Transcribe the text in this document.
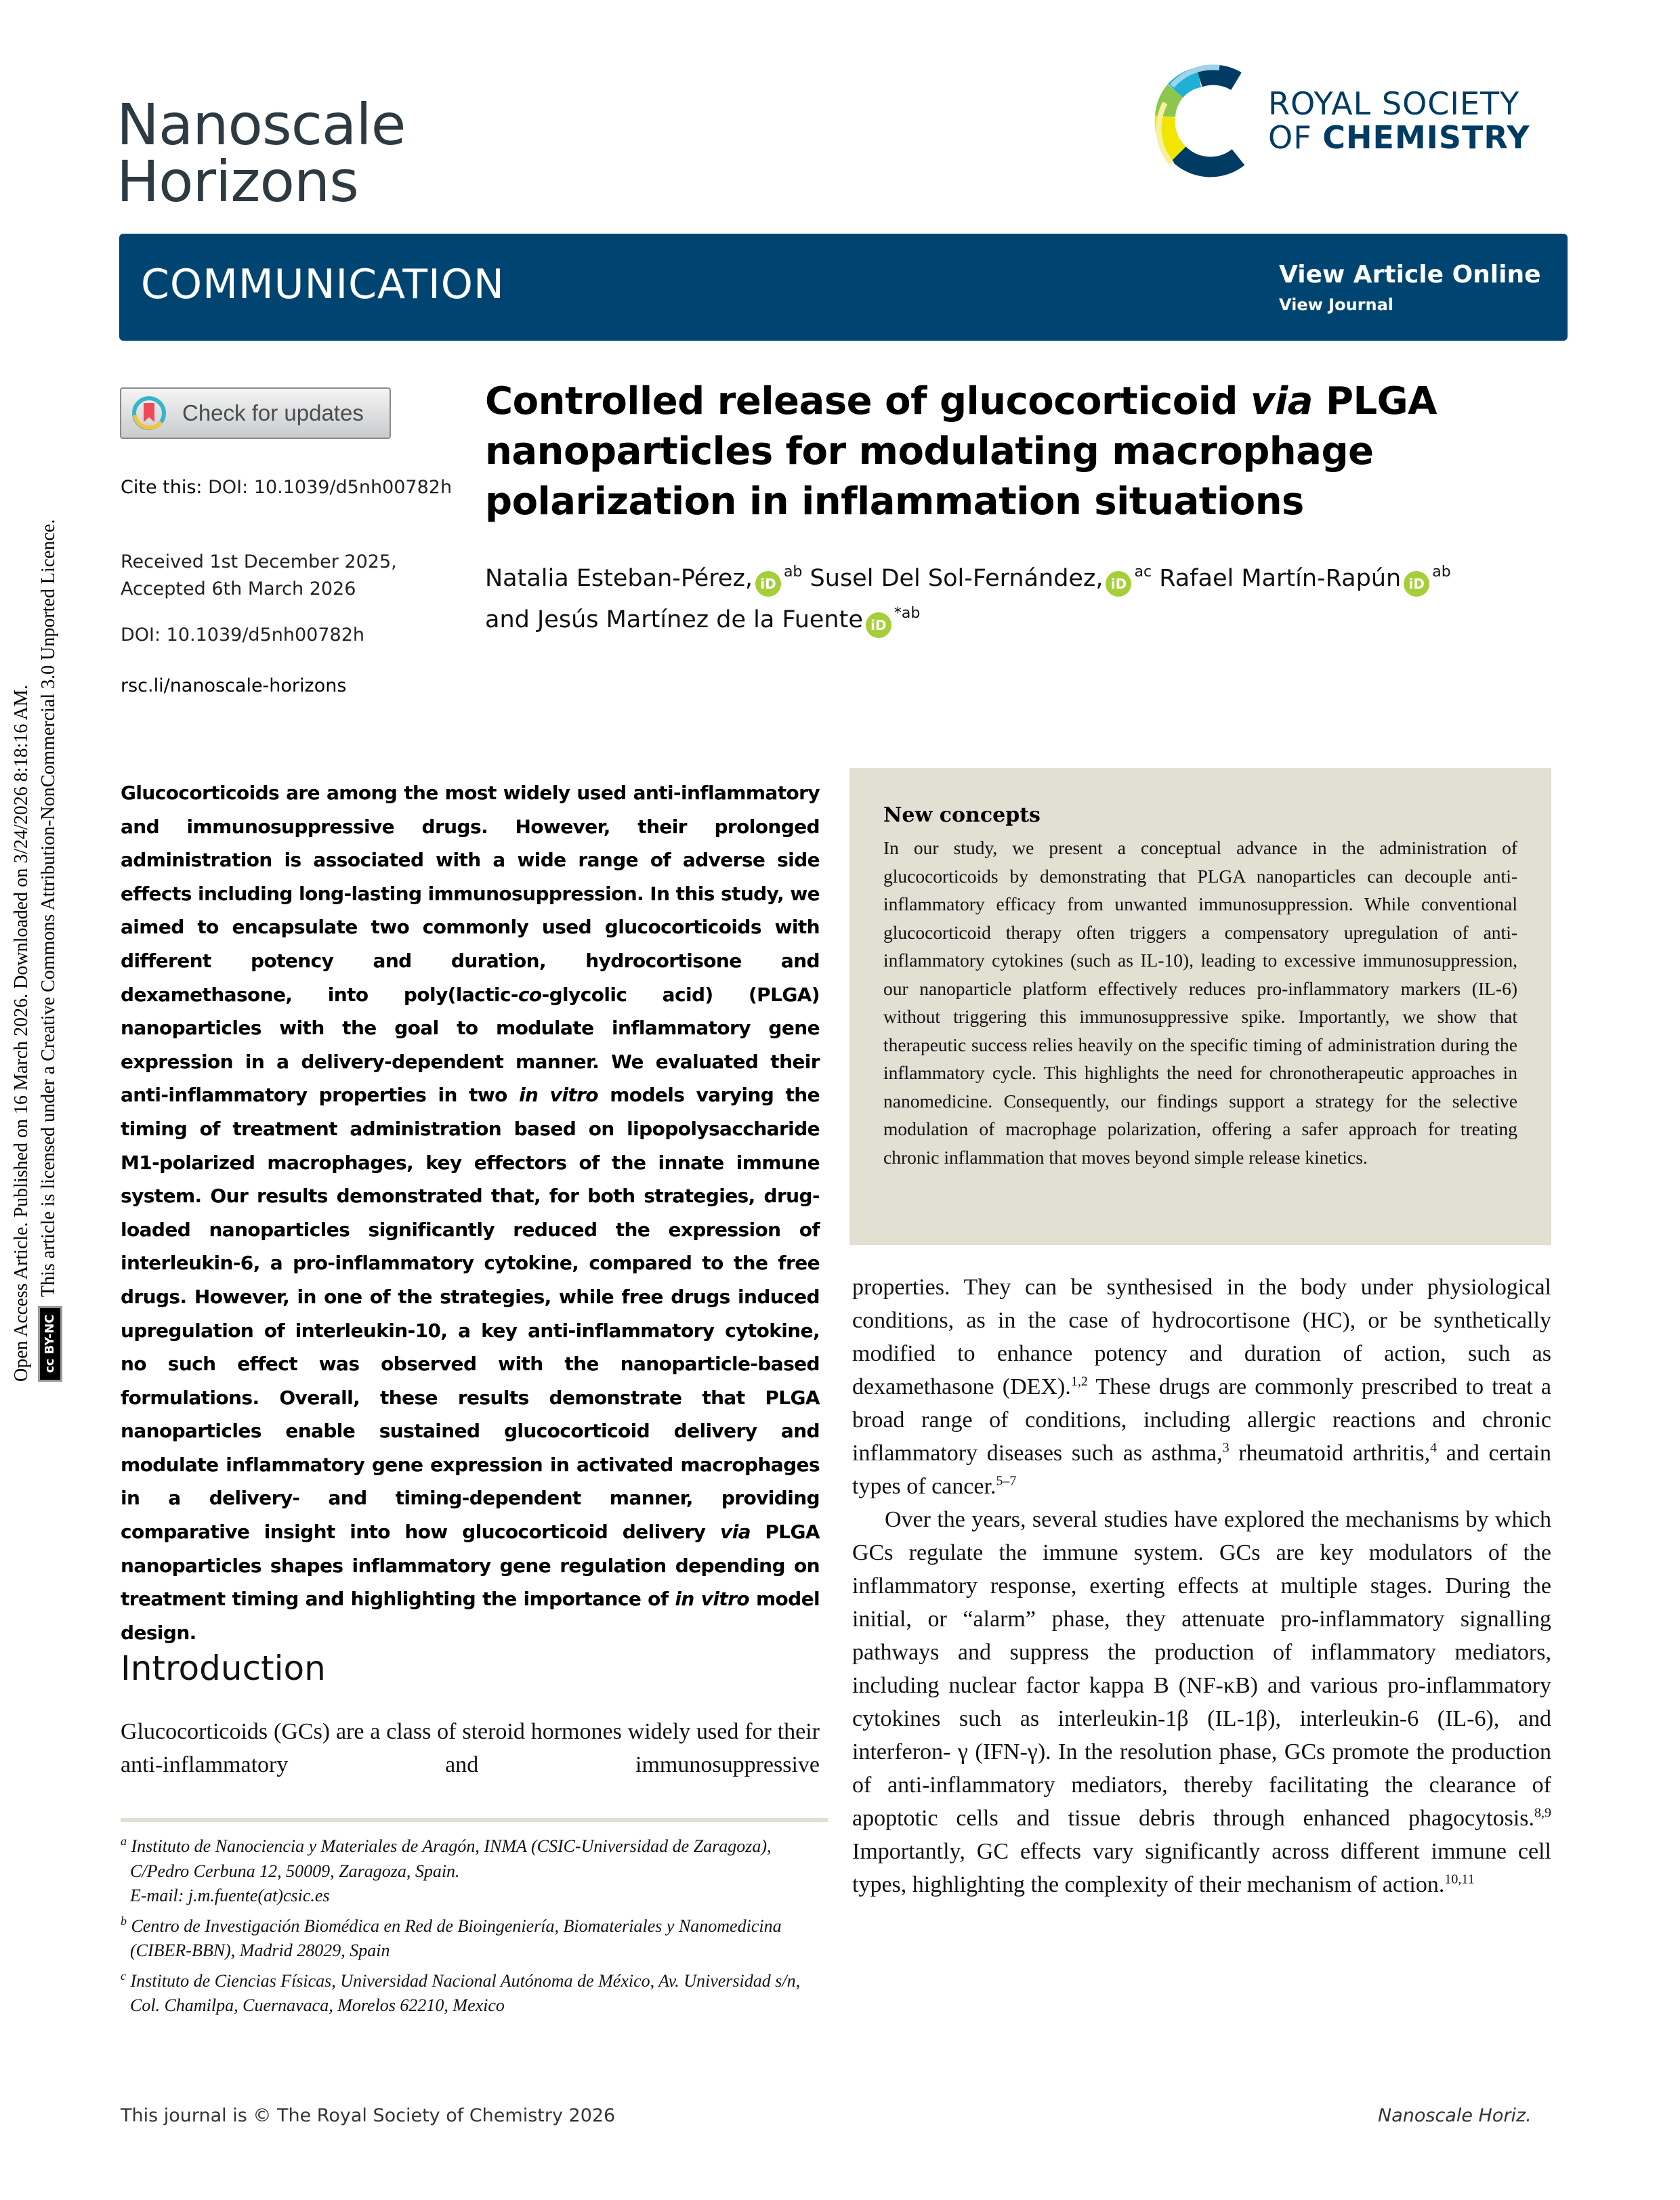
Nanoscale
Horizons
ROYAL SOCIETY
OF CHEMISTRY
COMMUNICATION	View Article Online
View Journal
Open Access Article. Published on 16 March 2026. Downloaded on 3/24/2026 8:18:16 AM. cc BY-NC This article is licensed under a Creative Commons Attribution-NonCommercial 3.0 Unported Licence.
Check for updates
Cite this: DOI: 10.1039/d5nh00782h
Received 1st December 2025,
Accepted 6th March 2026
DOI: 10.1039/d5nh00782h
rsc.li/nanoscale-horizons
Controlled release of glucocorticoid via PLGA nanoparticles for modulating macrophage polarization in inflammation situations
Natalia Esteban-Pérez, $iD^{ab}$ Susel Del Sol-Fernández, $iD^{ac}$ Rafael Martín-Rapún $iD^{ab}$
and Jesús Martínez de la Fuente $iD^{*ab}$
Glucocorticoids are among the most widely used anti-inflammatory and immunosuppressive drugs. However, their prolonged administration is associated with a wide range of adverse side effects including long-lasting immunosuppression. In this study, we aimed to encapsulate two commonly used glucocorticoids with different potency and duration, hydrocortisone and dexamethasone, into poly(lactic-co-glycolic acid) (PLGA) nanoparticles with the goal to modulate inflammatory gene expression in a delivery-dependent manner. We evaluated their anti-inflammatory properties in two in vitro models varying the timing of treatment administration based on lipopolysaccharide M1-polarized macrophages, key effectors of the innate immune system. Our results demonstrated that, for both strategies, drug-loaded nanoparticles significantly reduced the expression of interleukin-6, a pro-inflammatory cytokine, compared to the free drugs. However, in one of the strategies, while free drugs induced upregulation of interleukin-10, a key anti-inflammatory cytokine, no such effect was observed with the nanoparticle-based formulations. Overall, these results demonstrate that PLGA nanoparticles enable sustained glucocorticoid delivery and modulate inflammatory gene expression in activated macrophages in a delivery- and timing-dependent manner, providing comparative insight into how glucocorticoid delivery via PLGA nanoparticles shapes inflammatory gene regulation depending on treatment timing and highlighting the importance of in vitro model design.
New concepts
In our study, we present a conceptual advance in the administration of glucocorticoids by demonstrating that PLGA nanoparticles can decouple anti-inflammatory efficacy from unwanted immunosuppression. While conventional glucocorticoid therapy often triggers a compensatory upregulation of anti-inflammatory cytokines (such as IL-10), leading to excessive immunosuppression, our nanoparticle platform effectively reduces pro-inflammatory markers (IL-6) without triggering this immunosuppressive spike. Importantly, we show that therapeutic success relies heavily on the specific timing of administration during the inflammatory cycle. This highlights the need for chronotherapeutic approaches in nanomedicine. Consequently, our findings support a strategy for the selective modulation of macrophage polarization, offering a safer approach for treating chronic inflammation that moves beyond simple release kinetics.

properties. They can be synthesised in the body under physiological conditions, as in the case of hydrocortisone (HC), or be synthetically modified to enhance potency and duration of action, such as dexamethasone (DEX).$^{1,2}$ These drugs are commonly prescribed to treat a broad range of conditions, including allergic reactions and chronic inflammatory diseases such as asthma,$^3$ rheumatoid arthritis,$^4$ and certain types of cancer.$^{5-7}$

Over the years, several studies have explored the mechanisms by which GCs regulate the immune system. GCs are key modulators of the inflammatory response, exerting effects at multiple stages. During the initial, or “alarm” phase, they attenuate pro-inflammatory signalling pathways and suppress the production of inflammatory mediators, including nuclear factor kappa B (NF-κB) and various pro-inflammatory cytokines such as interleukin-1β (IL-1β), interleukin-6 (IL-6), and interferon- γ (IFN-γ). In the resolution phase, GCs promote the production of anti-inflammatory mediators, thereby facilitating the clearance of apoptotic cells and tissue debris through enhanced phagocytosis.$^{8,9}$ Importantly, GC effects vary significantly across different immune cell types, highlighting the complexity of their mechanism of action.$^{10,11}$

Introduction
Glucocorticoids (GCs) are a class of steroid hormones widely used for their anti-inflammatory and immunosuppressive
$^a$ Instituto de Nanociencia y Materiales de Aragón, INMA (CSIC-Universidad de Zaragoza), C/Pedro Cerbuna 12, 50009, Zaragoza, Spain.
E-mail: j.m.fuente(at)csic.es
$^b$ Centro de Investigación Biomédica en Red de Bioingeniería, Biomateriales y Nanomedicina (CIBER-BBN), Madrid 28029, Spain
$^c$ Instituto de Ciencias Físicas, Universidad Nacional Autónoma de México, Av. Universidad s/n, Col. Chamilpa, Cuernavaca, Morelos 62210, Mexico
This journal is © The Royal Society of Chemistry 2026	Nanoscale Horiz.
